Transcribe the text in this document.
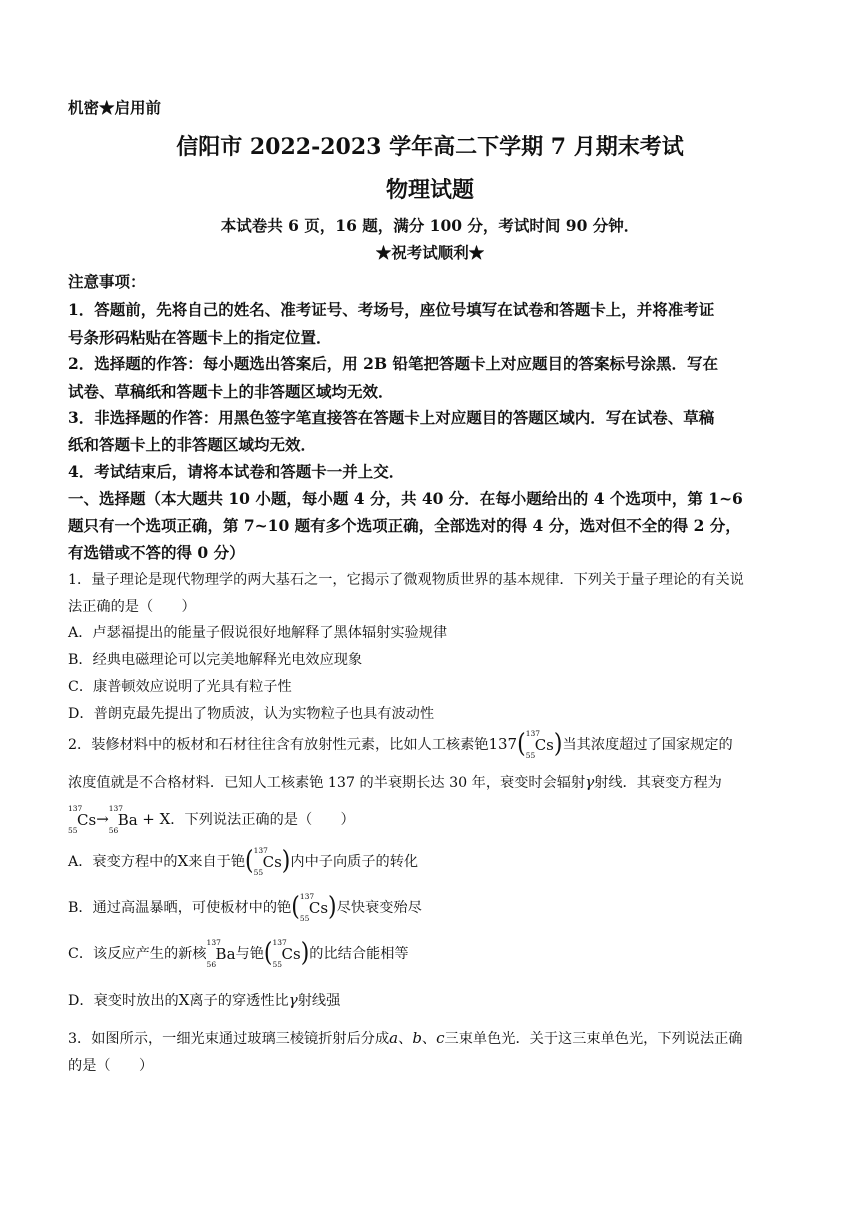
机密★启用前
信阳市 2022-2023 学年高二下学期 7 月期末考试
物理试题
本试卷共 6 页，16 题，满分 100 分，考试时间 90 分钟．
★祝考试顺利★
注意事项：
1．答题前，先将自己的姓名、准考证号、考场号，座位号填写在试卷和答题卡上，并将准考证
号条形码粘贴在答题卡上的指定位置．
2．选择题的作答：每小题选出答案后，用 2B 铅笔把答题卡上对应题目的答案标号涂黑．写在
试卷、草稿纸和答题卡上的非答题区域均无效．
3．非选择题的作答：用黑色签字笔直接答在答题卡上对应题目的答题区域内．写在试卷、草稿
纸和答题卡上的非答题区域均无效．
4．考试结束后，请将本试卷和答题卡一并上交．
一、选择题（本大题共 10 小题，每小题 4 分，共 40 分．在每小题给出的 4 个选项中，第 1~6
题只有一个选项正确，第 7~10 题有多个选项正确，全部选对的得 4 分，选对但不全的得 2 分，
有选错或不答的得 0 分）
1．量子理论是现代物理学的两大基石之一，它揭示了微观物质世界的基本规律．下列关于量子理论的有关说
法正确的是（　　）
A．卢瑟福提出的能量子假说很好地解释了黑体辐射实验规律
B．经典电磁理论可以完美地解释光电效应现象
C．康普顿效应说明了光具有粒子性
D．普朗克最先提出了物质波，认为实物粒子也具有波动性
2．装修材料中的板材和石材往往含有放射性元素，比如人工核素铯137( 137
55
Cs)当其浓度超过了国家规定的
浓度值就是不合格材料．已知人工核素铯 137 的半衰期长达 30 年，衰变时会辐射γ射线．其衰变方程为
137
55
Cs→
137
56
Ba + X．下列说法正确的是（　　）
A．衰变方程中的X来自于铯( 137
55
Cs)内中子向质子的转化
B．通过高温暴晒，可使板材中的铯( 137
55
Cs)尽快衰变殆尽
C．该反应产生的新核
137
56
Ba与铯( 137
55
Cs)的比结合能相等
D．衰变时放出的X离子的穿透性比γ射线强
3．如图所示，一细光束通过玻璃三棱镜折射后分成a、b、c三束单色光．关于这三束单色光，下列说法正确
的是（　　）
